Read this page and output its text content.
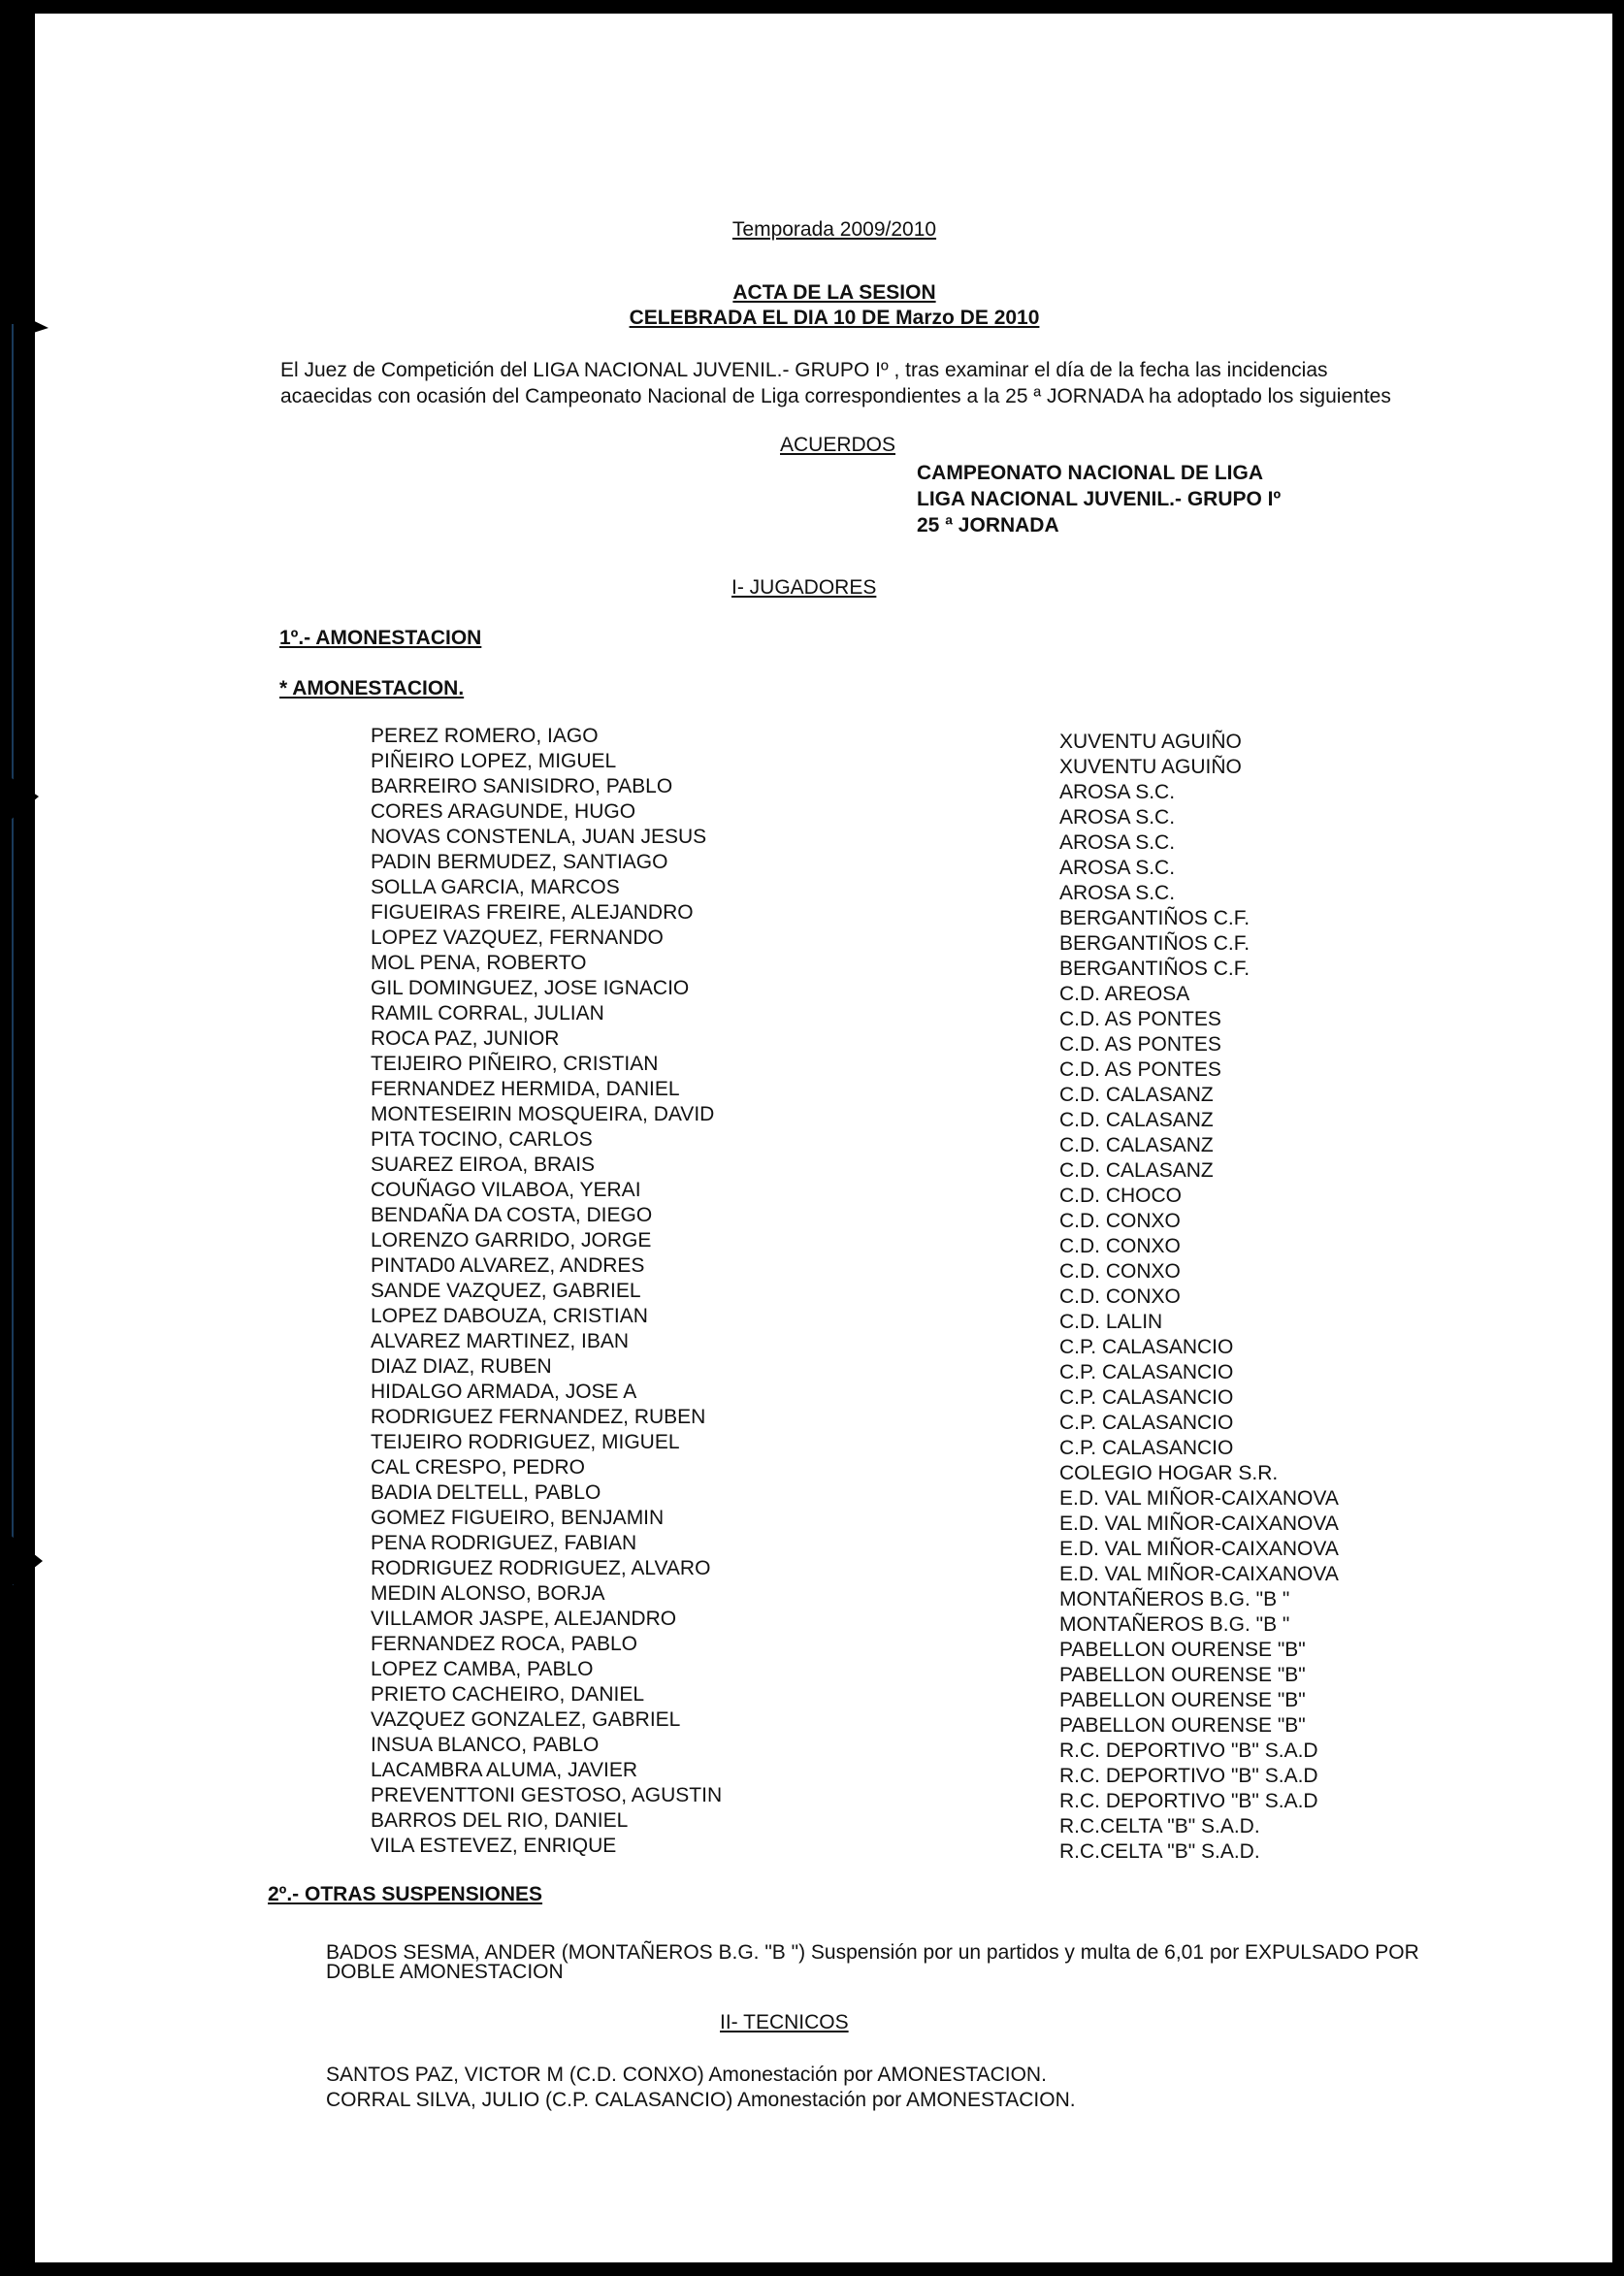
Temporada 2009/2010
ACTA DE LA SESION
CELEBRADA EL DIA 10 DE Marzo DE 2010
El Juez de Competición del LIGA NACIONAL JUVENIL.- GRUPO Iº , tras examinar el día de la fecha las incidencias
acaecidas con ocasión del Campeonato Nacional de Liga correspondientes a la 25 ª JORNADA ha adoptado los siguientes
ACUERDOS
CAMPEONATO NACIONAL DE LIGA
LIGA NACIONAL JUVENIL.- GRUPO Iº
25 ª JORNADA
I- JUGADORES
1º.- AMONESTACION
* AMONESTACION.
PEREZ ROMERO, IAGO
PIÑEIRO LOPEZ, MIGUEL
BARREIRO SANISIDRO, PABLO
CORES ARAGUNDE, HUGO
NOVAS CONSTENLA, JUAN JESUS
PADIN BERMUDEZ, SANTIAGO
SOLLA GARCIA, MARCOS
FIGUEIRAS FREIRE, ALEJANDRO
LOPEZ VAZQUEZ, FERNANDO
MOL PENA, ROBERTO
GIL DOMINGUEZ, JOSE IGNACIO
RAMIL CORRAL, JULIAN
ROCA PAZ, JUNIOR
TEIJEIRO PIÑEIRO, CRISTIAN
FERNANDEZ HERMIDA, DANIEL
MONTESEIRIN MOSQUEIRA, DAVID
PITA TOCINO, CARLOS
SUAREZ EIROA, BRAIS
COUÑAGO VILABOA, YERAI
BENDAÑA DA COSTA, DIEGO
LORENZO GARRIDO, JORGE
PINTAD0 ALVAREZ, ANDRES
SANDE VAZQUEZ, GABRIEL
LOPEZ DABOUZA, CRISTIAN
ALVAREZ MARTINEZ, IBAN
DIAZ DIAZ, RUBEN
HIDALGO ARMADA, JOSE A
RODRIGUEZ FERNANDEZ, RUBEN
TEIJEIRO RODRIGUEZ, MIGUEL
CAL CRESPO, PEDRO
BADIA DELTELL, PABLO
GOMEZ FIGUEIRO, BENJAMIN
PENA RODRIGUEZ, FABIAN
RODRIGUEZ RODRIGUEZ, ALVARO
MEDIN ALONSO, BORJA
VILLAMOR JASPE, ALEJANDRO
FERNANDEZ ROCA, PABLO
LOPEZ CAMBA, PABLO
PRIETO CACHEIRO, DANIEL
VAZQUEZ GONZALEZ, GABRIEL
INSUA BLANCO, PABLO
LACAMBRA ALUMA, JAVIER
PREVENTTONI GESTOSO, AGUSTIN
BARROS DEL RIO, DANIEL
VILA ESTEVEZ, ENRIQUE
XUVENTU AGUIÑO
XUVENTU AGUIÑO
AROSA S.C.
AROSA S.C.
AROSA S.C.
AROSA S.C.
AROSA S.C.
BERGANTIÑOS C.F.
BERGANTIÑOS C.F.
BERGANTIÑOS C.F.
C.D. AREOSA
C.D. AS PONTES
C.D. AS PONTES
C.D. AS PONTES
C.D. CALASANZ
C.D. CALASANZ
C.D. CALASANZ
C.D. CALASANZ
C.D. CHOCO
C.D. CONXO
C.D. CONXO
C.D. CONXO
C.D. CONXO
C.D. LALIN
C.P. CALASANCIO
C.P. CALASANCIO
C.P. CALASANCIO
C.P. CALASANCIO
C.P. CALASANCIO
COLEGIO HOGAR S.R.
E.D. VAL MIÑOR-CAIXANOVA
E.D. VAL MIÑOR-CAIXANOVA
E.D. VAL MIÑOR-CAIXANOVA
E.D. VAL MIÑOR-CAIXANOVA
MONTAÑEROS B.G. "B "
MONTAÑEROS B.G. "B "
PABELLON OURENSE "B"
PABELLON OURENSE "B"
PABELLON OURENSE "B"
PABELLON OURENSE "B"
R.C. DEPORTIVO "B" S.A.D
R.C. DEPORTIVO "B" S.A.D
R.C. DEPORTIVO "B" S.A.D
R.C.CELTA "B" S.A.D.
R.C.CELTA "B" S.A.D.
2º.- OTRAS SUSPENSIONES
BADOS SESMA, ANDER (MONTAÑEROS B.G. "B ") Suspensión por un partidos y multa de 6,01 por EXPULSADO POR
DOBLE AMONESTACION
II- TECNICOS
SANTOS PAZ, VICTOR M (C.D. CONXO) Amonestación por AMONESTACION.
CORRAL SILVA, JULIO (C.P. CALASANCIO) Amonestación por AMONESTACION.
